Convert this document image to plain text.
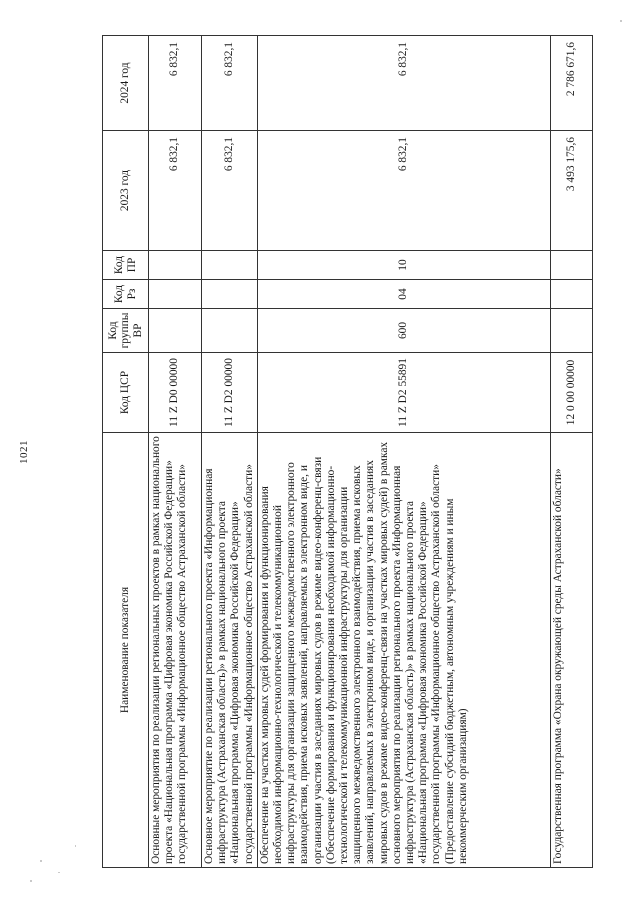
1021
Наименование показателя	Код ЦСР	Код группы ВР	Код Рз	Код ПР	2023 год	2024 год
Основные мероприятия по реализации региональных проектов в рамках национального проекта «Национальная программа «Цифровая экономика Российской Федерации» государственной программы «Информационное общество Астраханской области»	11 Z D0 00000				6 832,1	6 832,1
Основное мероприятие по реализации регионального проекта «Информационная инфраструктура (Астраханская область)» в рамках национального проекта «Национальная программа «Цифровая экономика Российской Федерации» государственной программы «Информационное общество Астраханской области»	11 Z D2 00000				6 832,1	6 832,1
Обеспечение на участках мировых судей формирования и функционирования необходимой информационно-технологической и телекоммуникационной инфраструктуры для организации защищенного межведомственного электронного взаимодействия, приема исковых заявлений, направляемых в электронном виде, и организации участия в заседаниях мировых судов в режиме видео-конференц-связи (Обеспечение формирования и функционирования необходимой информационно-технологической и телекоммуникационной инфраструктуры для организации защищенного межведомственного электронного взаимодействия, приема исковых заявлений, направляемых в электронном виде, и организации участия в заседаниях мировых судов в режиме видео-конференц-связи на участках мировых судей) в рамках основного мероприятия по реализации регионального проекта «Информационная инфраструктура (Астраханская область)» в рамках национального проекта «Национальная программа «Цифровая экономика Российской Федерации» государственной программы «Информационное общество Астраханской области» (Предоставление субсидий бюджетным, автономным учреждениям и иным некоммерческим организациям)	11 Z D2 55891	600	04	10	6 832,1	6 832,1
Государственная программа «Охрана окружающей среды Астраханской области»	12 0 00 00000				3 493 175,6	2 786 671,6
